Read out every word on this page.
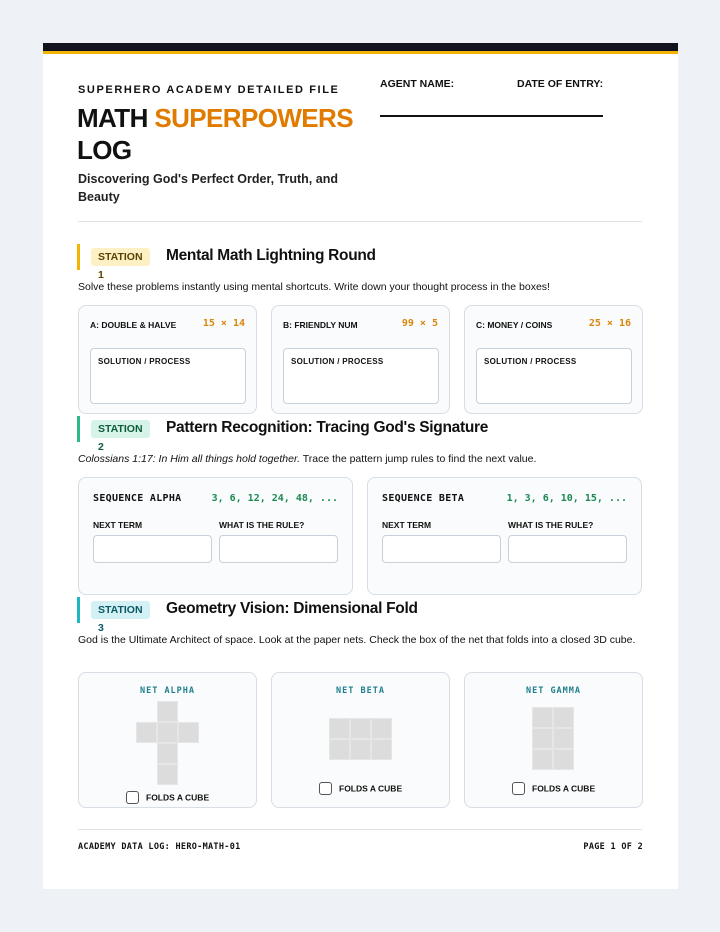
SUPERHERO ACADEMY DETAILED FILE
MATH SUPERPOWERS
LOG
Discovering God's Perfect Order, Truth, and Beauty
AGENT NAME:	DATE OF ENTRY:
STATION 1
Mental Math Lightning Round
Solve these problems instantly using mental shortcuts. Write down your thought process in the boxes!
A: DOUBLE & HALVE	15 × 14
SOLUTION / PROCESS
B: FRIENDLY NUM	99 × 5
SOLUTION / PROCESS
C: MONEY / COINS	25 × 16
SOLUTION / PROCESS
STATION 2
Pattern Recognition: Tracing God's Signature
Colossians 1:17: In Him all things hold together. Trace the pattern jump rules to find the next value.
SEQUENCE ALPHA	3, 6, 12, 24, 48, ...
NEXT TERM	WHAT IS THE RULE?
SEQUENCE BETA	1, 3, 6, 10, 15, ...
NEXT TERM	WHAT IS THE RULE?
STATION 3
Geometry Vision: Dimensional Fold
God is the Ultimate Architect of space. Look at the paper nets. Check the box of the net that folds into a closed 3D cube.
NET ALPHA
FOLDS A CUBE
NET BETA
FOLDS A CUBE
NET GAMMA
FOLDS A CUBE
ACADEMY DATA LOG: HERO-MATH-01	PAGE 1 OF 2
